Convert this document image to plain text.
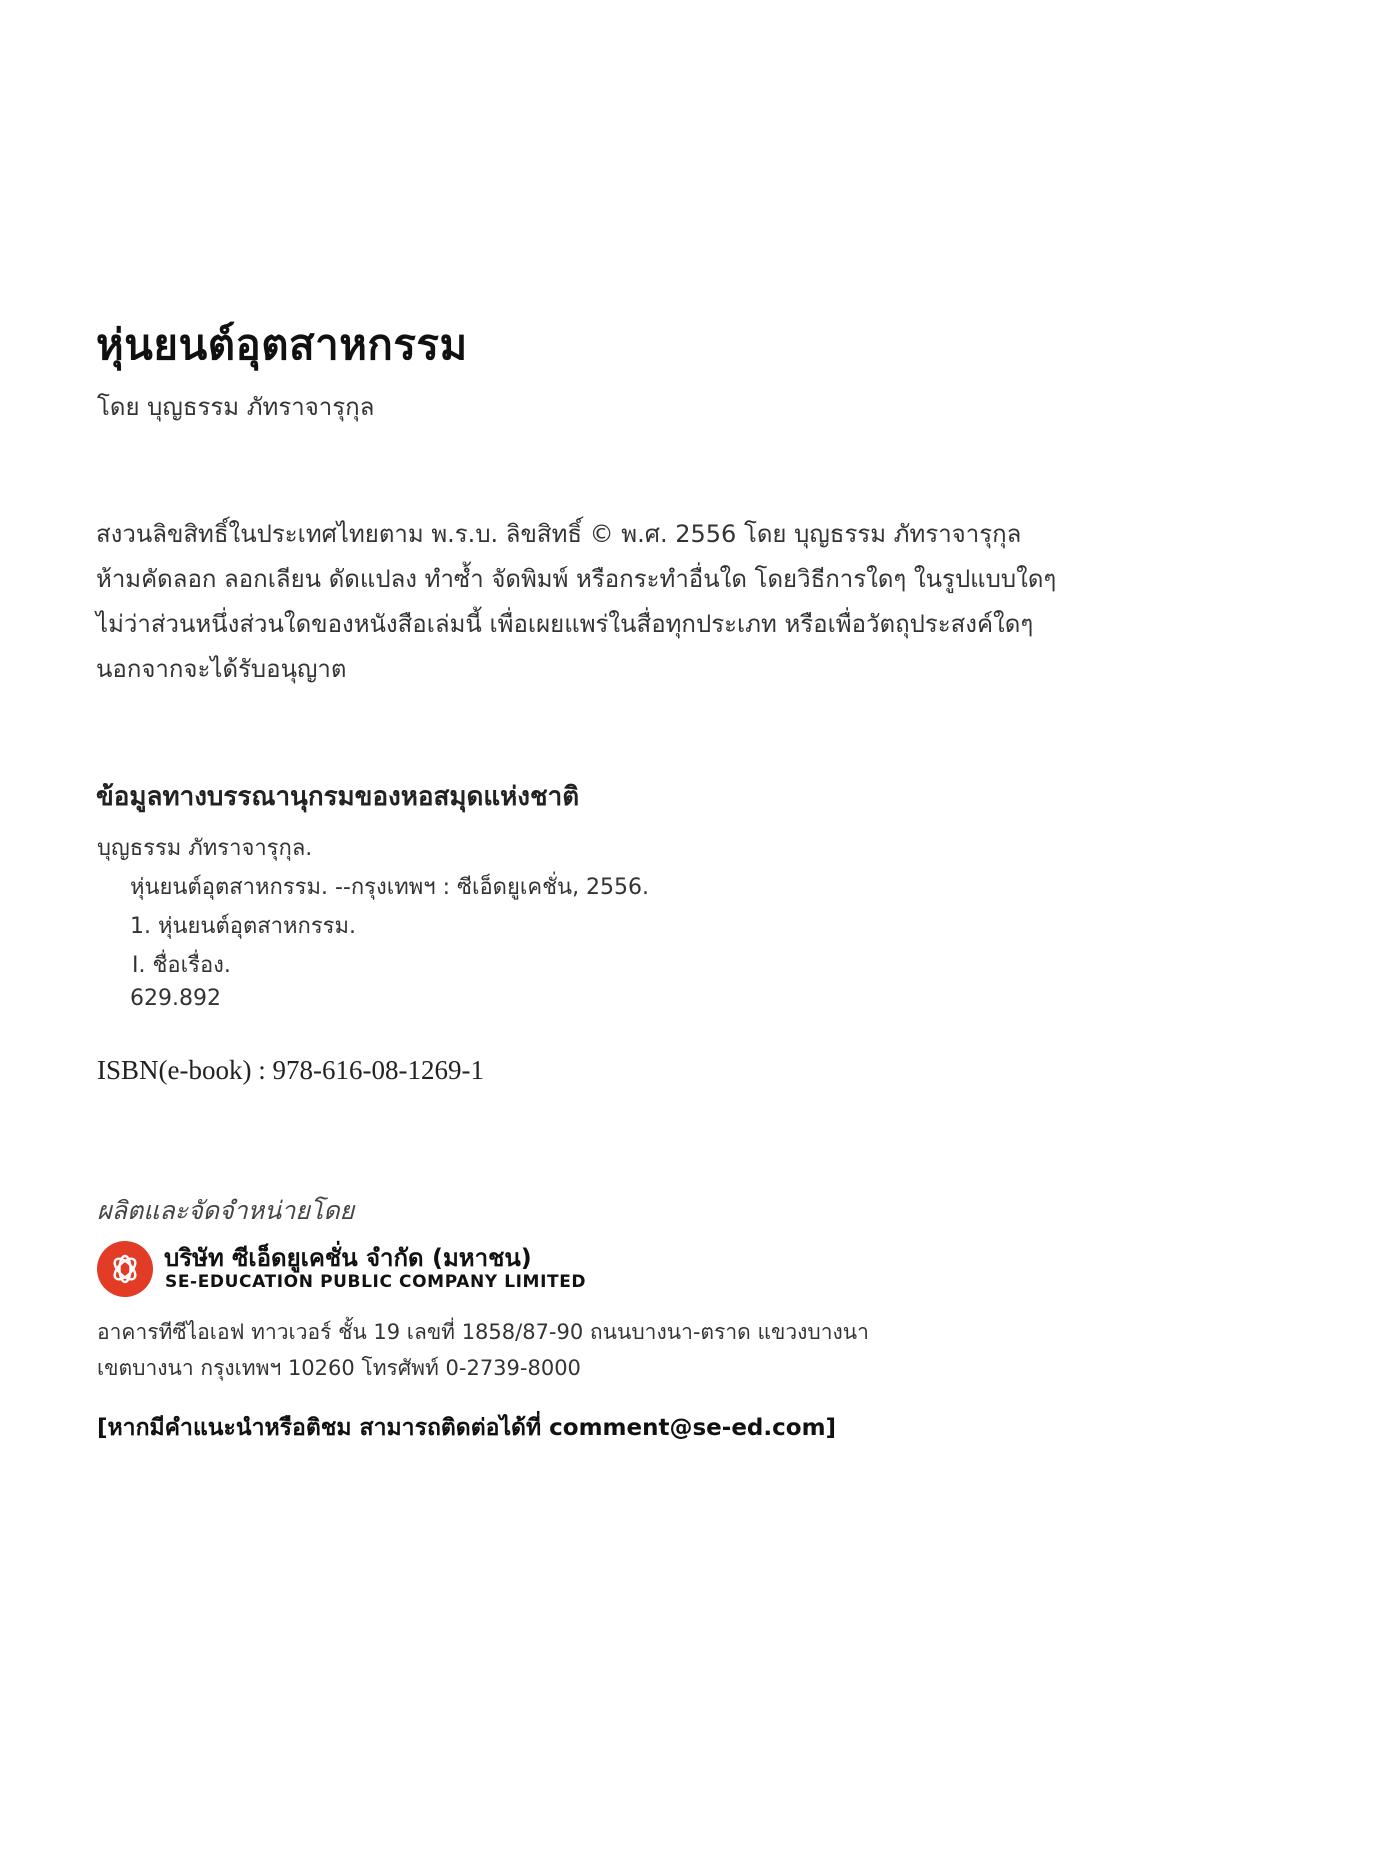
หุ่นยนต์อุตสาหกรรม
โดย บุญธรรม ภัทราจารุกุล
สงวนลิขสิทธิ์ในประเทศไทยตาม พ.ร.บ. ลิขสิทธิ์ © พ.ศ. 2556 โดย บุญธรรม ภัทราจารุกุล
ห้ามคัดลอก ลอกเลียน ดัดแปลง ทำซ้ำ จัดพิมพ์ หรือกระทำอื่นใด โดยวิธีการใดๆ ในรูปแบบใดๆ
ไม่ว่าส่วนหนึ่งส่วนใดของหนังสือเล่มนี้ เพื่อเผยแพร่ในสื่อทุกประเภท หรือเพื่อวัตถุประสงค์ใดๆ
นอกจากจะได้รับอนุญาต
ข้อมูลทางบรรณานุกรมของหอสมุดแห่งชาติ
บุญธรรม ภัทราจารุกุล.
หุ่นยนต์อุตสาหกรรม. --กรุงเทพฯ : ซีเอ็ดยูเคชั่น, 2556.
1. หุ่นยนต์อุตสาหกรรม.
I. ชื่อเรื่อง.
629.892
ISBN(e-book) : 978-616-08-1269-1
ผลิตและจัดจำหน่ายโดย
บริษัท ซีเอ็ดยูเคชั่น จำกัด (มหาชน)
SE-EDUCATION PUBLIC COMPANY LIMITED
อาคารทีซีไอเอฟ ทาวเวอร์ ชั้น 19 เลขที่ 1858/87-90 ถนนบางนา-ตราด แขวงบางนา
เขตบางนา กรุงเทพฯ 10260 โทรศัพท์ 0-2739-8000
[หากมีคำแนะนำหรือติชม สามารถติดต่อได้ที่ comment@se-ed.com]
